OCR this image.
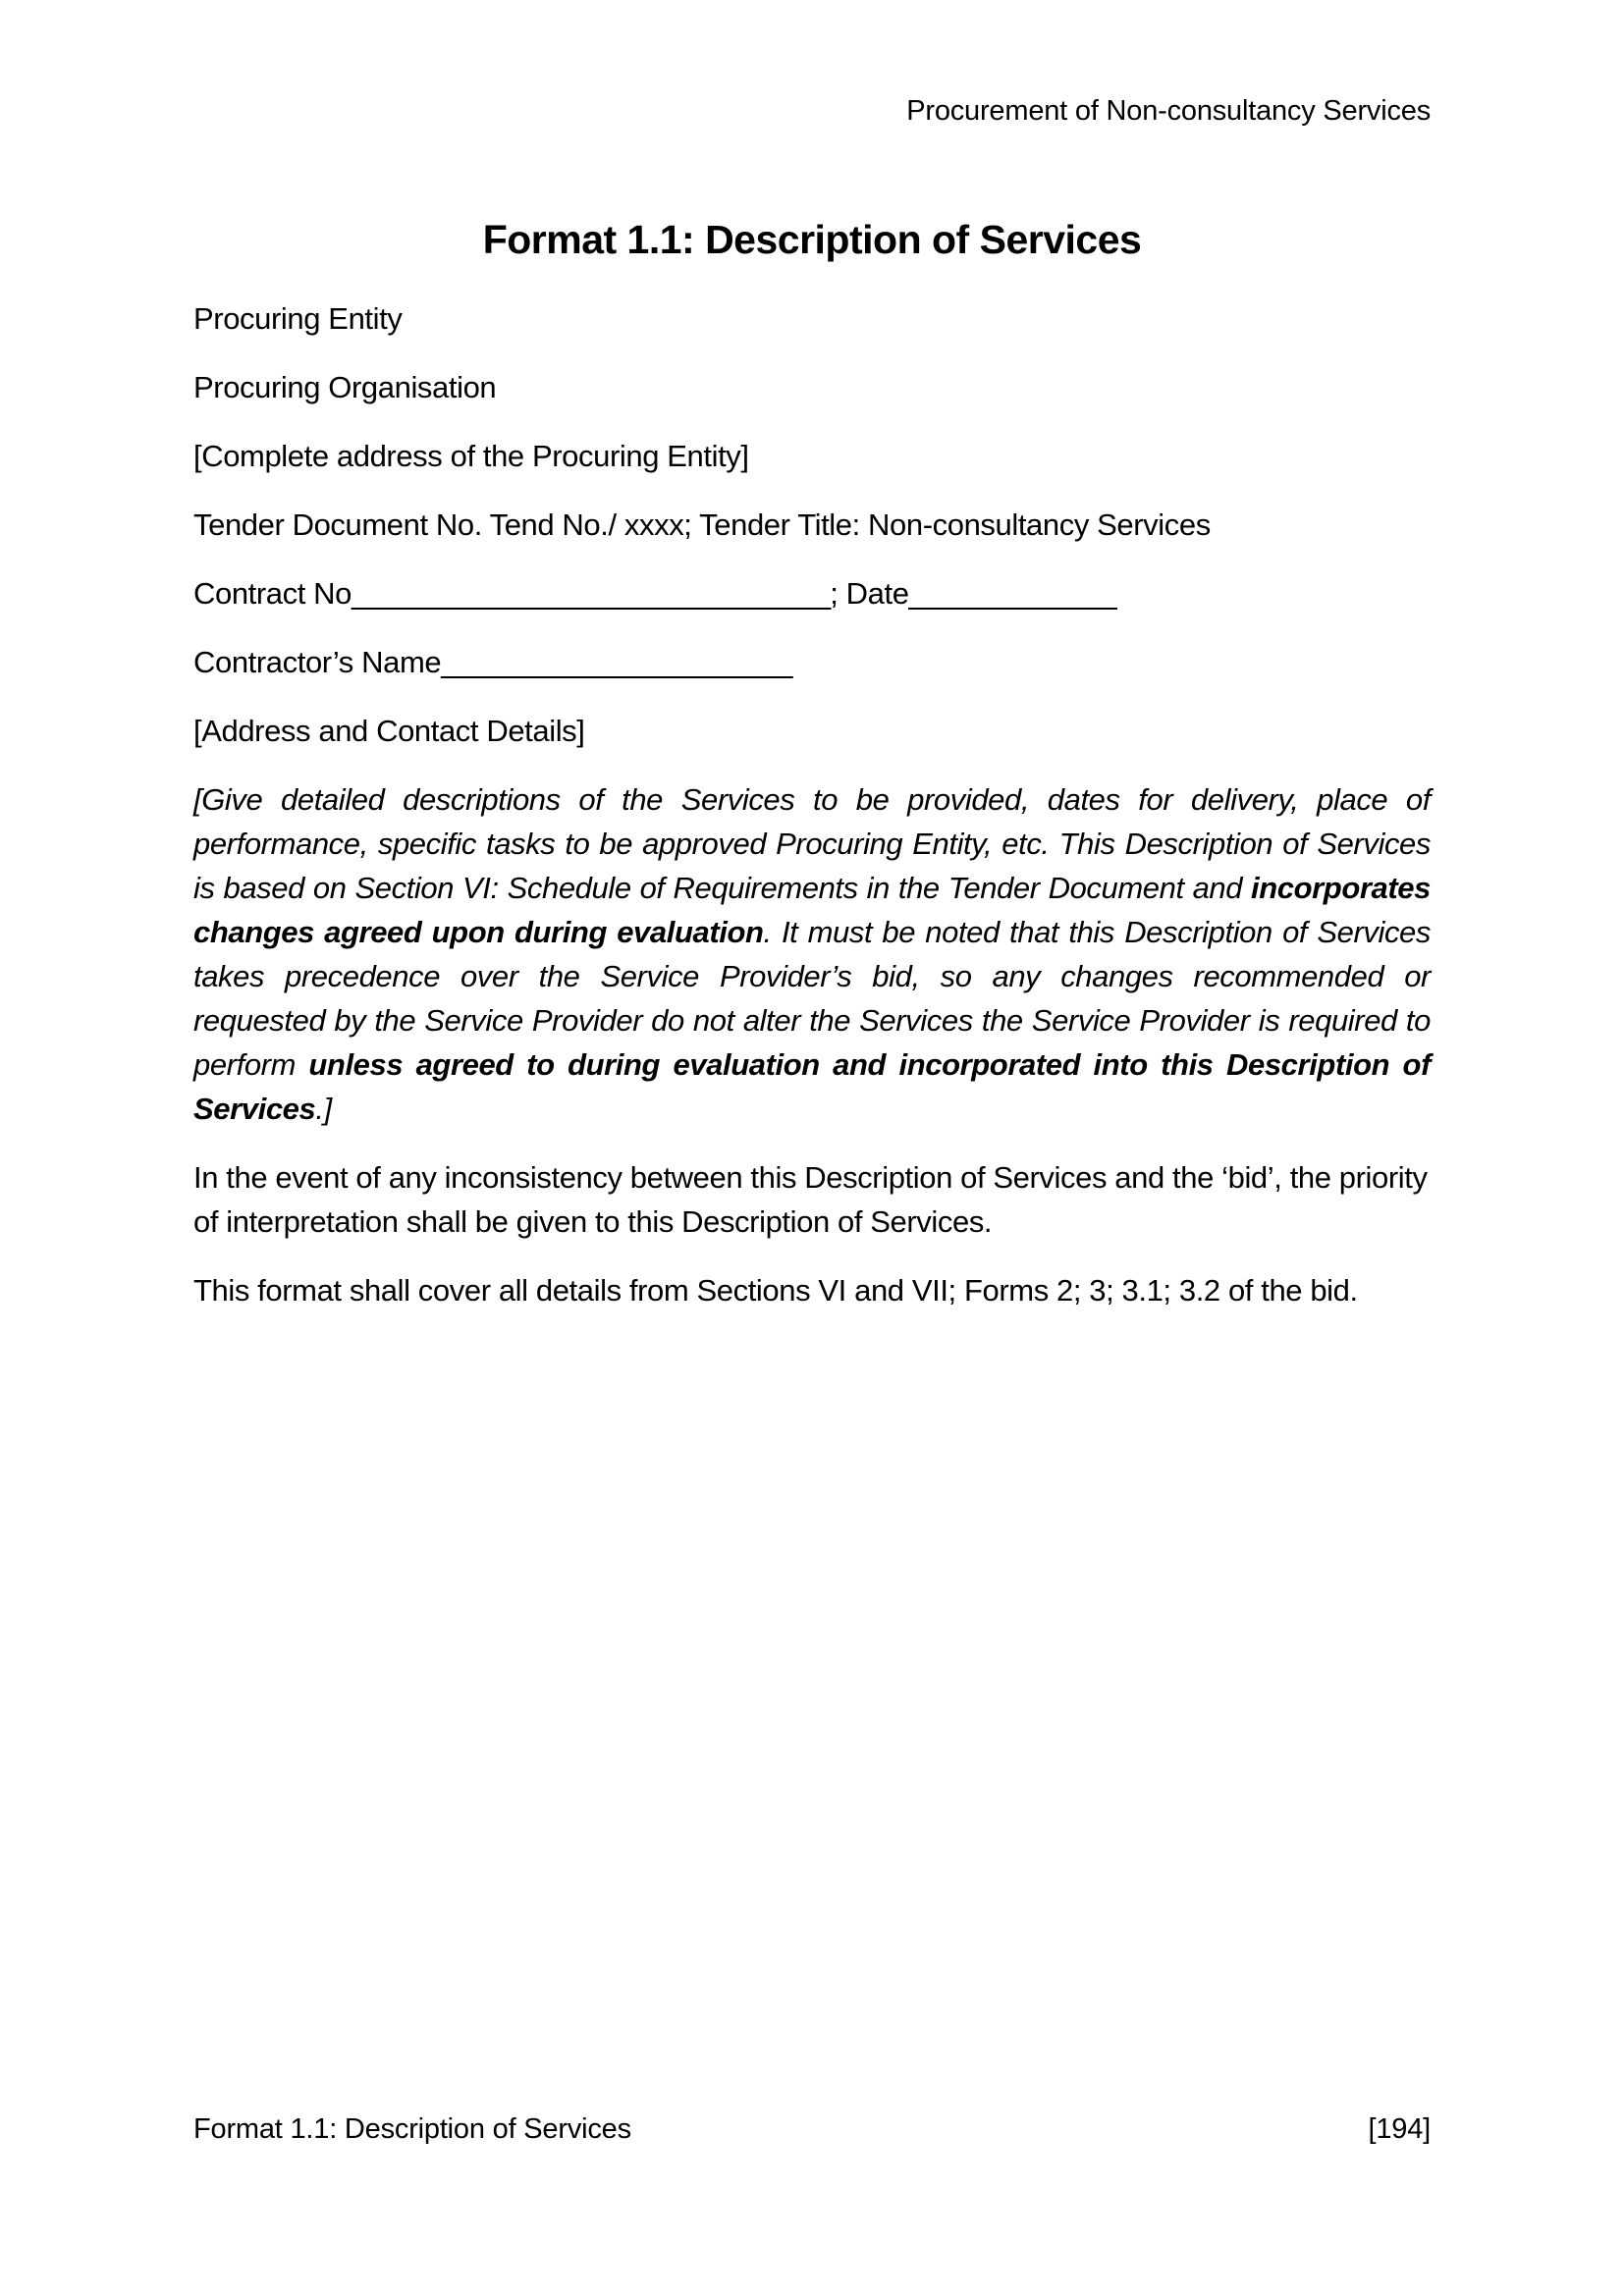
Procurement of Non-consultancy Services
Format 1.1: Description of Services

Procuring Entity

Procuring Organisation

[Complete address of the Procuring Entity]

Tender Document No. Tend No./ xxxx; Tender Title: Non-consultancy Services

Contract No______________________________; Date_____________

Contractor’s Name______________________

[Address and Contact Details]

[Give detailed descriptions of the Services to be provided, dates for delivery, place of performance, specific tasks to be approved Procuring Entity, etc. This Description of Services is based on Section VI: Schedule of Requirements in the Tender Document and incorporates changes agreed upon during evaluation. It must be noted that this Description of Services takes precedence over the Service Provider’s bid, so any changes recommended or requested by the Service Provider do not alter the Services the Service Provider is required to perform unless agreed to during evaluation and incorporated into this Description of Services.]

In the event of any inconsistency between this Description of Services and the ‘bid’, the priority of interpretation shall be given to this Description of Services.

This format shall cover all details from Sections VI and VII; Forms 2; 3; 3.1; 3.2 of the bid.

Format 1.1: Description of Services	[194]
